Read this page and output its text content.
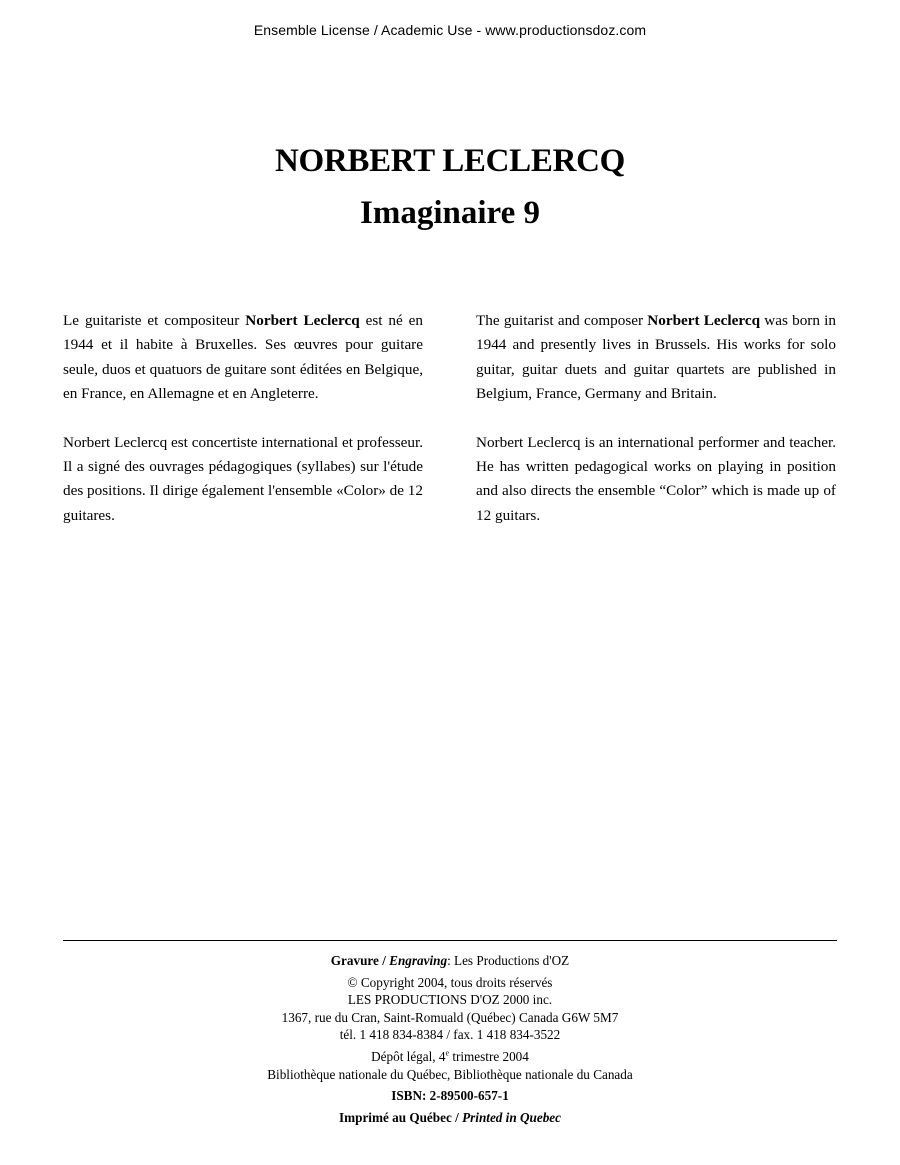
Ensemble License / Academic Use - www.productionsdoz.com
NORBERT LECLERCQ
Imaginaire 9

Le guitariste et compositeur Norbert Leclercq est né en 1944 et il habite à Bruxelles. Ses œuvres pour guitare seule, duos et quatuors de guitare sont éditées en Belgique, en France, en Allemagne et en Angleterre.

Norbert Leclercq est concertiste international et professeur. Il a signé des ouvrages pédagogiques (syllabes) sur l'étude des positions. Il dirige également l'ensemble «Color» de 12 guitares.

The guitarist and composer Norbert Leclercq was born in 1944 and presently lives in Brussels. His works for solo guitar, guitar duets and guitar quartets are published in Belgium, France, Germany and Britain.

Norbert Leclercq is an international performer and teacher. He has written pedagogical works on playing in position and also directs the ensemble “Color” which is made up of 12 guitars.

Gravure / Engraving: Les Productions d'OZ
© Copyright 2004, tous droits réservés
LES PRODUCTIONS D'OZ 2000 inc.
1367, rue du Cran, Saint-Romuald (Québec) Canada G6W 5M7
tél. 1 418 834-8384 / fax. 1 418 834-3522
Dépôt légal, 4e trimestre 2004
Bibliothèque nationale du Québec, Bibliothèque nationale du Canada
ISBN: 2-89500-657-1
Imprimé au Québec / Printed in Quebec
